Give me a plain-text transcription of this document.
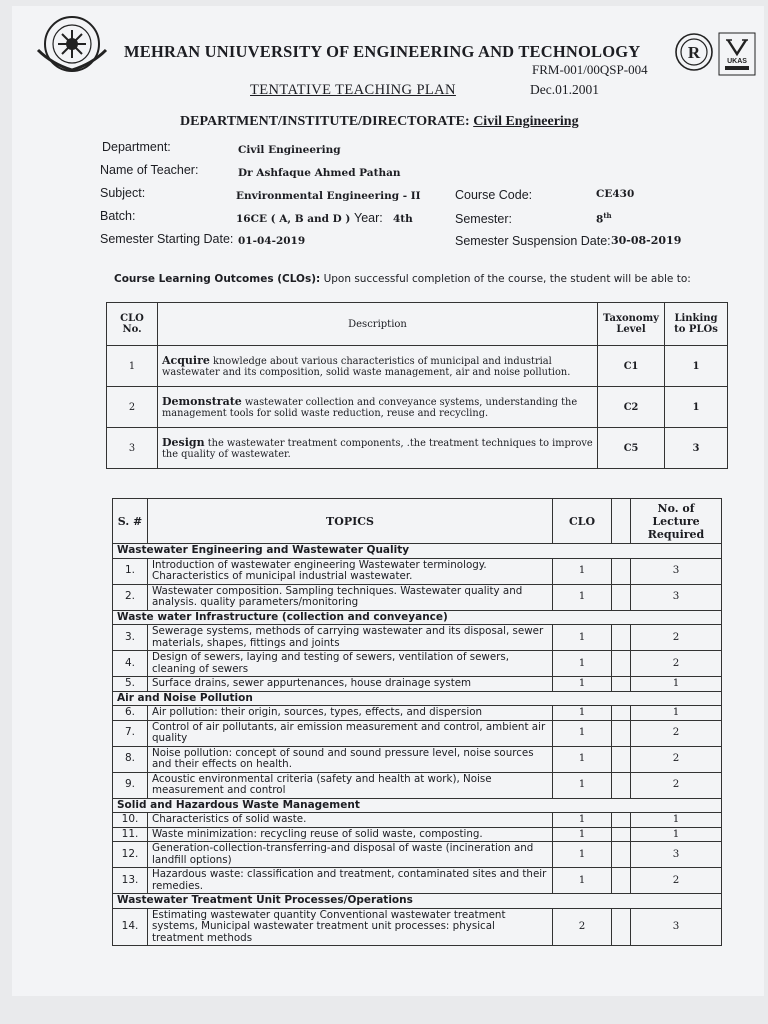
MEHRAN UNIUVERSITY OF ENGINEERING AND TECHNOLOGY	R	UKAS
FRM-001/00QSP-004
TENTATIVE TEACHING PLAN	Dec.01.2001
DEPARTMENT/INSTITUTE/DIRECTORATE: Civil Engineering
Department:	Civil Engineering
Name of Teacher:	Dr Ashfaque Ahmed Pathan
Subject:	Environmental Engineering - II	Course Code:	CE430
Batch:	16CE ( A, B and D ) Year: 4th	Semester:	8th
Semester Starting Date: 01-04-2019	Semester Suspension Date: 30-08-2019
Course Learning Outcomes (CLOs): Upon successful completion of the course, the student will be able to:
CLO No.	Description	Taxonomy Level	Linking to PLOs
1	Acquire knowledge about various characteristics of municipal and industrial wastewater and its composition, solid waste management, air and noise pollution.	C1	1
2	Demonstrate wastewater collection and conveyance systems, understanding the management tools for solid waste reduction, reuse and recycling.	C2	1
3	Design the wastewater treatment components, .the treatment techniques to improve the quality of wastewater.	C5	3
S. #	TOPICS	CLO		No. of Lecture Required
Wastewater Engineering and Wastewater Quality				
1.	Introduction of wastewater engineering Wastewater terminology. Characteristics of municipal industrial wastewater.	1		3
2.	Wastewater composition. Sampling techniques. Wastewater quality and analysis. quality parameters/monitoring	1		3
Waste water Infrastructure (collection and conveyance)				
3.	Sewerage systems, methods of carrying wastewater and its disposal, sewer materials, shapes, fittings and joints	1		2
4.	Design of sewers, laying and testing of sewers, ventilation of sewers, cleaning of sewers	1		2
5.	Surface drains, sewer appurtenances, house drainage system	1		1
Air and Noise Pollution				
6.	Air pollution: their origin, sources, types, effects, and dispersion	1		1
7.	Control of air pollutants, air emission measurement and control, ambient air quality	1		2
8.	Noise pollution: concept of sound and sound pressure level, noise sources and their effects on health.	1		2
9.	Acoustic environmental criteria (safety and health at work), Noise measurement and control	1		2
Solid and Hazardous Waste Management				
10.	Characteristics of solid waste.	1		1
11.	Waste minimization: recycling reuse of solid waste, composting.	1		1
12.	Generation-collection-transferring-and disposal of waste (incineration and landfill options)	1		3
13.	Hazardous waste: classification and treatment, contaminated sites and their remedies.	1		2
Wastewater Treatment Unit Processes/Operations				
14.	Estimating wastewater quantity Conventional wastewater treatment systems, Municipal wastewater treatment unit processes: physical treatment methods	2		3
